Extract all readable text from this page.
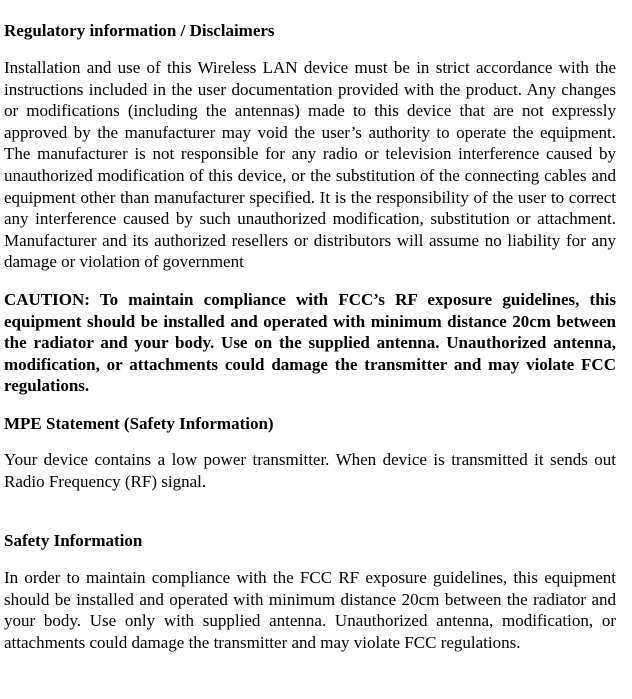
Regulatory information / Disclaimers
Installation and use of this Wireless LAN device must be in strict accordance with the instructions included in the user documentation provided with the product. Any changes or modifications (including the antennas) made to this device that are not expressly approved by the manufacturer may void the user’s authority to operate the equipment. The manufacturer is not responsible for any radio or television interference caused by unauthorized modification of this device, or the substitution of the connecting cables and equipment other than manufacturer specified. It is the responsibility of the user to correct any interference caused by such unauthorized modification, substitution or attachment. Manufacturer and its authorized resellers or distributors will assume no liability for any damage or violation of government
CAUTION: To maintain compliance with FCC’s RF exposure guidelines, this equipment should be installed and operated with minimum distance 20cm between the radiator and your body. Use on the supplied antenna. Unauthorized antenna, modification, or attachments could damage the transmitter and may violate FCC regulations.
MPE Statement (Safety Information)
Your device contains a low power transmitter. When device is transmitted it sends out Radio Frequency (RF) signal.
Safety Information
In order to maintain compliance with the FCC RF exposure guidelines, this equipment should be installed and operated with minimum distance 20cm between the radiator and your body. Use only with supplied antenna. Unauthorized antenna, modification, or attachments could damage the transmitter and may violate FCC regulations.
